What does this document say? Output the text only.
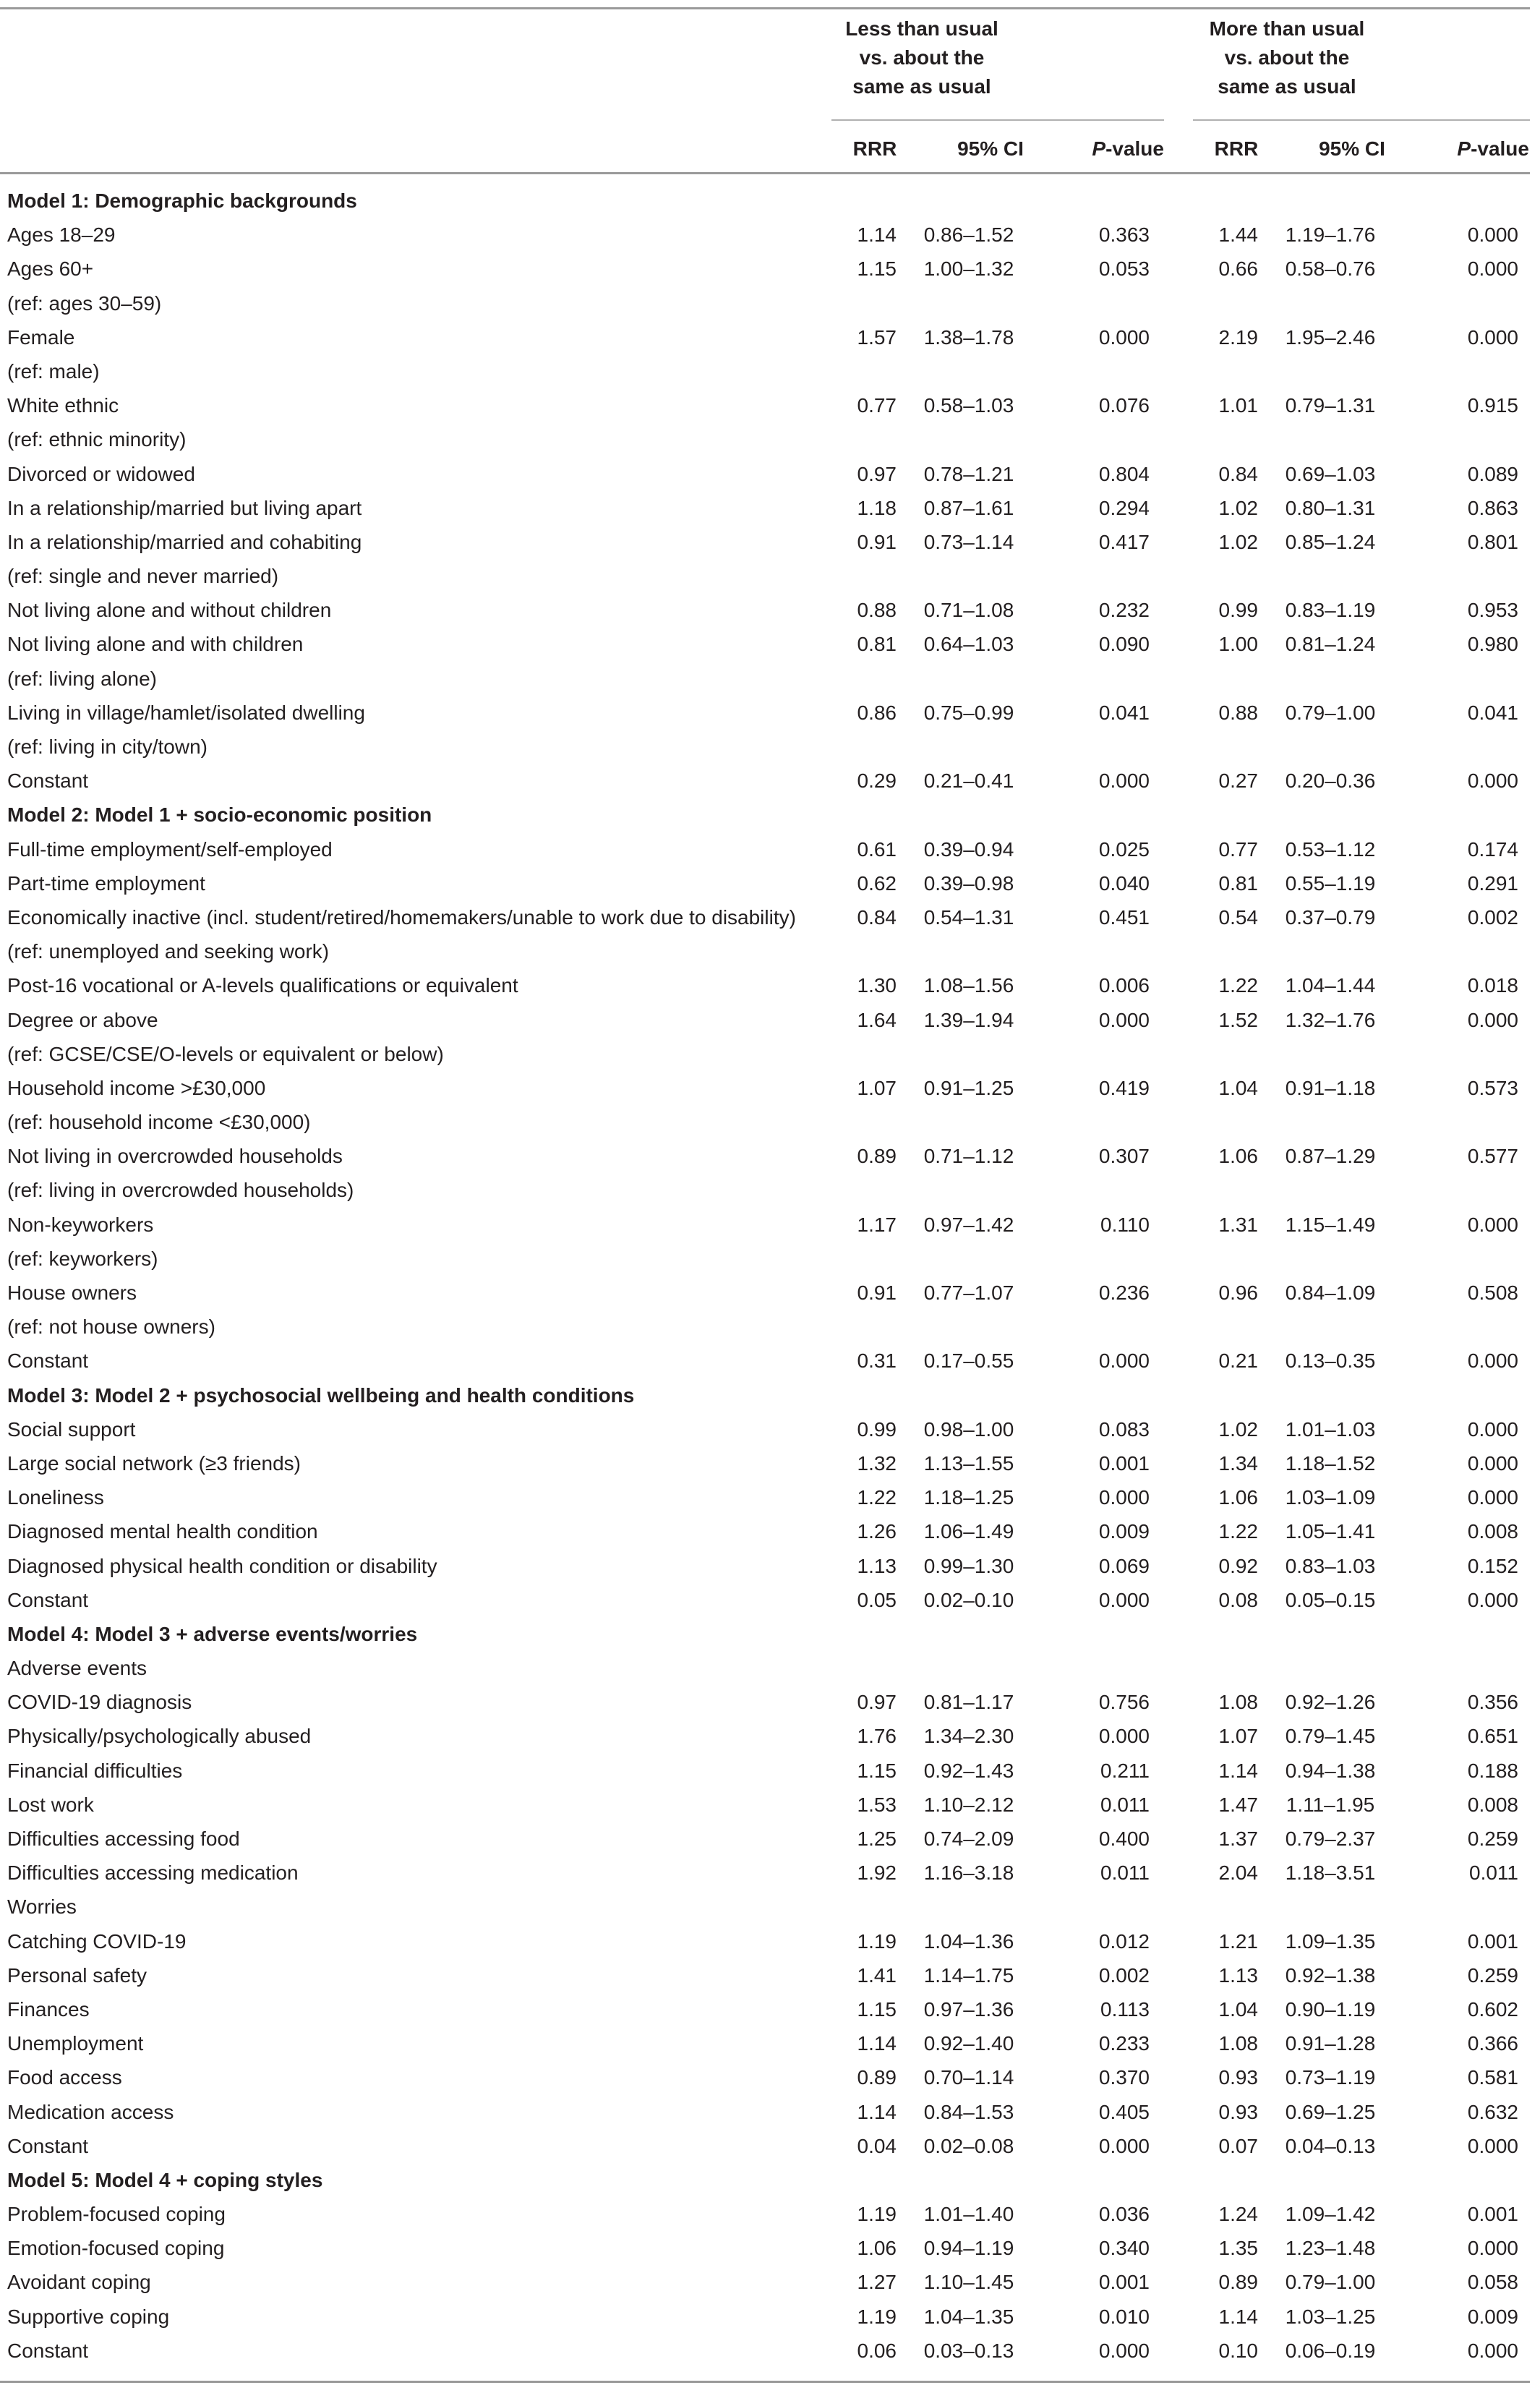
Less than usual
vs. about the
same as usual
More than usual
vs. about the
same as usual
RRR	95% CI	P-value	RRR	95% CI	P-value
Model 1: Demographic backgrounds
Ages 18–29	1.14	0.86–1.52	0.363	1.44	1.19–1.76	0.000
Ages 60+	1.15	1.00–1.32	0.053	0.66	0.58–0.76	0.000
(ref: ages 30–59)
Female	1.57	1.38–1.78	0.000	2.19	1.95–2.46	0.000
(ref: male)
White ethnic	0.77	0.58–1.03	0.076	1.01	0.79–1.31	0.915
(ref: ethnic minority)
Divorced or widowed	0.97	0.78–1.21	0.804	0.84	0.69–1.03	0.089
In a relationship/married but living apart	1.18	0.87–1.61	0.294	1.02	0.80–1.31	0.863
In a relationship/married and cohabiting	0.91	0.73–1.14	0.417	1.02	0.85–1.24	0.801
(ref: single and never married)
Not living alone and without children	0.88	0.71–1.08	0.232	0.99	0.83–1.19	0.953
Not living alone and with children	0.81	0.64–1.03	0.090	1.00	0.81–1.24	0.980
(ref: living alone)
Living in village/hamlet/isolated dwelling	0.86	0.75–0.99	0.041	0.88	0.79–1.00	0.041
(ref: living in city/town)
Constant	0.29	0.21–0.41	0.000	0.27	0.20–0.36	0.000
Model 2: Model 1 + socio-economic position
Full-time employment/self-employed	0.61	0.39–0.94	0.025	0.77	0.53–1.12	0.174
Part-time employment	0.62	0.39–0.98	0.040	0.81	0.55–1.19	0.291
Economically inactive (incl. student/retired/homemakers/unable to work due to disability)	0.84	0.54–1.31	0.451	0.54	0.37–0.79	0.002
(ref: unemployed and seeking work)
Post-16 vocational or A-levels qualifications or equivalent	1.30	1.08–1.56	0.006	1.22	1.04–1.44	0.018
Degree or above	1.64	1.39–1.94	0.000	1.52	1.32–1.76	0.000
(ref: GCSE/CSE/O-levels or equivalent or below)
Household income >£30,000	1.07	0.91–1.25	0.419	1.04	0.91–1.18	0.573
(ref: household income <£30,000)
Not living in overcrowded households	0.89	0.71–1.12	0.307	1.06	0.87–1.29	0.577
(ref: living in overcrowded households)
Non-keyworkers	1.17	0.97–1.42	0.110	1.31	1.15–1.49	0.000
(ref: keyworkers)
House owners	0.91	0.77–1.07	0.236	0.96	0.84–1.09	0.508
(ref: not house owners)
Constant	0.31	0.17–0.55	0.000	0.21	0.13–0.35	0.000
Model 3: Model 2 + psychosocial wellbeing and health conditions
Social support	0.99	0.98–1.00	0.083	1.02	1.01–1.03	0.000
Large social network (≥3 friends)	1.32	1.13–1.55	0.001	1.34	1.18–1.52	0.000
Loneliness	1.22	1.18–1.25	0.000	1.06	1.03–1.09	0.000
Diagnosed mental health condition	1.26	1.06–1.49	0.009	1.22	1.05–1.41	0.008
Diagnosed physical health condition or disability	1.13	0.99–1.30	0.069	0.92	0.83–1.03	0.152
Constant	0.05	0.02–0.10	0.000	0.08	0.05–0.15	0.000
Model 4: Model 3 + adverse events/worries
Adverse events
COVID-19 diagnosis	0.97	0.81–1.17	0.756	1.08	0.92–1.26	0.356
Physically/psychologically abused	1.76	1.34–2.30	0.000	1.07	0.79–1.45	0.651
Financial difficulties	1.15	0.92–1.43	0.211	1.14	0.94–1.38	0.188
Lost work	1.53	1.10–2.12	0.011	1.47	1.11–1.95	0.008
Difficulties accessing food	1.25	0.74–2.09	0.400	1.37	0.79–2.37	0.259
Difficulties accessing medication	1.92	1.16–3.18	0.011	2.04	1.18–3.51	0.011
Worries
Catching COVID-19	1.19	1.04–1.36	0.012	1.21	1.09–1.35	0.001
Personal safety	1.41	1.14–1.75	0.002	1.13	0.92–1.38	0.259
Finances	1.15	0.97–1.36	0.113	1.04	0.90–1.19	0.602
Unemployment	1.14	0.92–1.40	0.233	1.08	0.91–1.28	0.366
Food access	0.89	0.70–1.14	0.370	0.93	0.73–1.19	0.581
Medication access	1.14	0.84–1.53	0.405	0.93	0.69–1.25	0.632
Constant	0.04	0.02–0.08	0.000	0.07	0.04–0.13	0.000
Model 5: Model 4 + coping styles
Problem-focused coping	1.19	1.01–1.40	0.036	1.24	1.09–1.42	0.001
Emotion-focused coping	1.06	0.94–1.19	0.340	1.35	1.23–1.48	0.000
Avoidant coping	1.27	1.10–1.45	0.001	0.89	0.79–1.00	0.058
Supportive coping	1.19	1.04–1.35	0.010	1.14	1.03–1.25	0.009
Constant	0.06	0.03–0.13	0.000	0.10	0.06–0.19	0.000
